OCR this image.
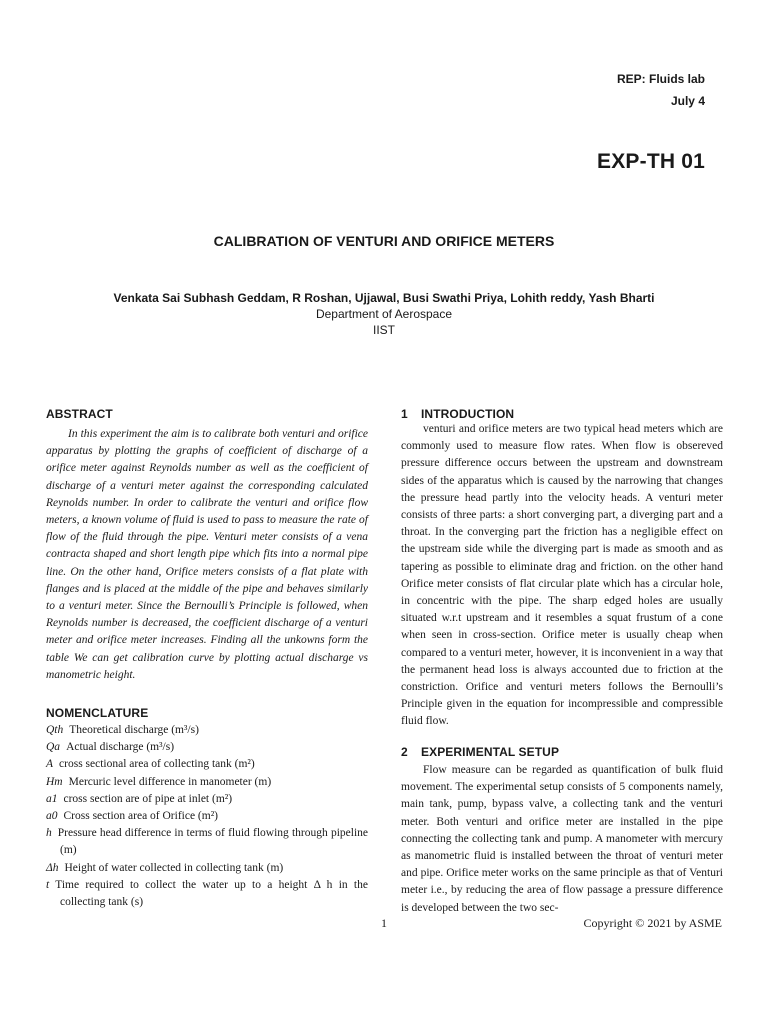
REP: Fluids lab
July 4
EXP-TH 01
CALIBRATION OF VENTURI AND ORIFICE METERS
Venkata Sai Subhash Geddam, R Roshan, Ujjawal, Busi Swathi Priya, Lohith reddy, Yash Bharti
Department of Aerospace
IIST
ABSTRACT

In this experiment the aim is to calibrate both venturi and orifice apparatus by plotting the graphs of coefficient of discharge of a orifice meter against Reynolds number as well as the coefficient of discharge of a venturi meter against the corresponding calculated Reynolds number. In order to calibrate the venturi and orifice flow meters, a known volume of fluid is used to pass to measure the rate of flow of the fluid through the pipe. Venturi meter consists of a vena contracta shaped and short length pipe which fits into a normal pipe line. On the other hand, Orifice meters consists of a flat plate with flanges and is placed at the middle of the pipe and behaves similarly to a venturi meter. Since the Bernoulli’s Principle is followed, when Reynolds number is decreased, the coefficient discharge of a venturi meter and orifice meter increases. Finding all the unkowns form the table We can get calibration curve by plotting actual discharge vs manometric height.

NOMENCLATURE

Qth Theoretical discharge (m³/s)

Qa Actual discharge (m³/s)

A cross sectional area of collecting tank (m²)

Hm Mercuric level difference in manometer (m)

a1 cross section are of pipe at inlet (m²)

a0 Cross section area of Orifice (m²)

h Pressure head difference in terms of fluid flowing through pipeline (m)

Δh Height of water collected in collecting tank (m)

t Time required to collect the water up to a height Δ h in the collecting tank (s)

1 INTRODUCTION

venturi and orifice meters are two typical head meters which are commonly used to measure flow rates. When flow is obsereved pressure difference occurs between the upstream and downstream sides of the apparatus which is caused by the narrowing that changes the pressure head partly into the velocity heads. A venturi meter consists of three parts: a short converging part, a diverging part and a throat. In the converging part the friction has a negligible effect on the upstream side while the diverging part is made as smooth and as tapering as possible to eliminate drag and friction. on the other hand Orifice meter consists of flat circular plate which has a circular hole, in concentric with the pipe. The sharp edged holes are usually situated w.r.t upstream and it resembles a squat frustum of a cone when seen in cross-section. Orifice meter is usually cheap when compared to a venturi meter, however, it is inconvenient in a way that the permanent head loss is always accounted due to friction at the constriction. Orifice and venturi meters follows the Bernoulli’s Principle given in the equation for incompressible and compressible fluid flow.

2 EXPERIMENTAL SETUP

Flow measure can be regarded as quantification of bulk fluid movement. The experimental setup consists of 5 components namely, main tank, pump, bypass valve, a collecting tank and the venturi meter. Both venturi and orifice meter are installed in the pipe connecting the collecting tank and pump. A manometer with mercury as manometric fluid is installed between the throat of venturi meter and pipe. Orifice meter works on the same principle as that of Venturi meter i.e., by reducing the area of flow passage a pressure difference is developed between the two sec-

1	Copyright © 2021 by ASME
